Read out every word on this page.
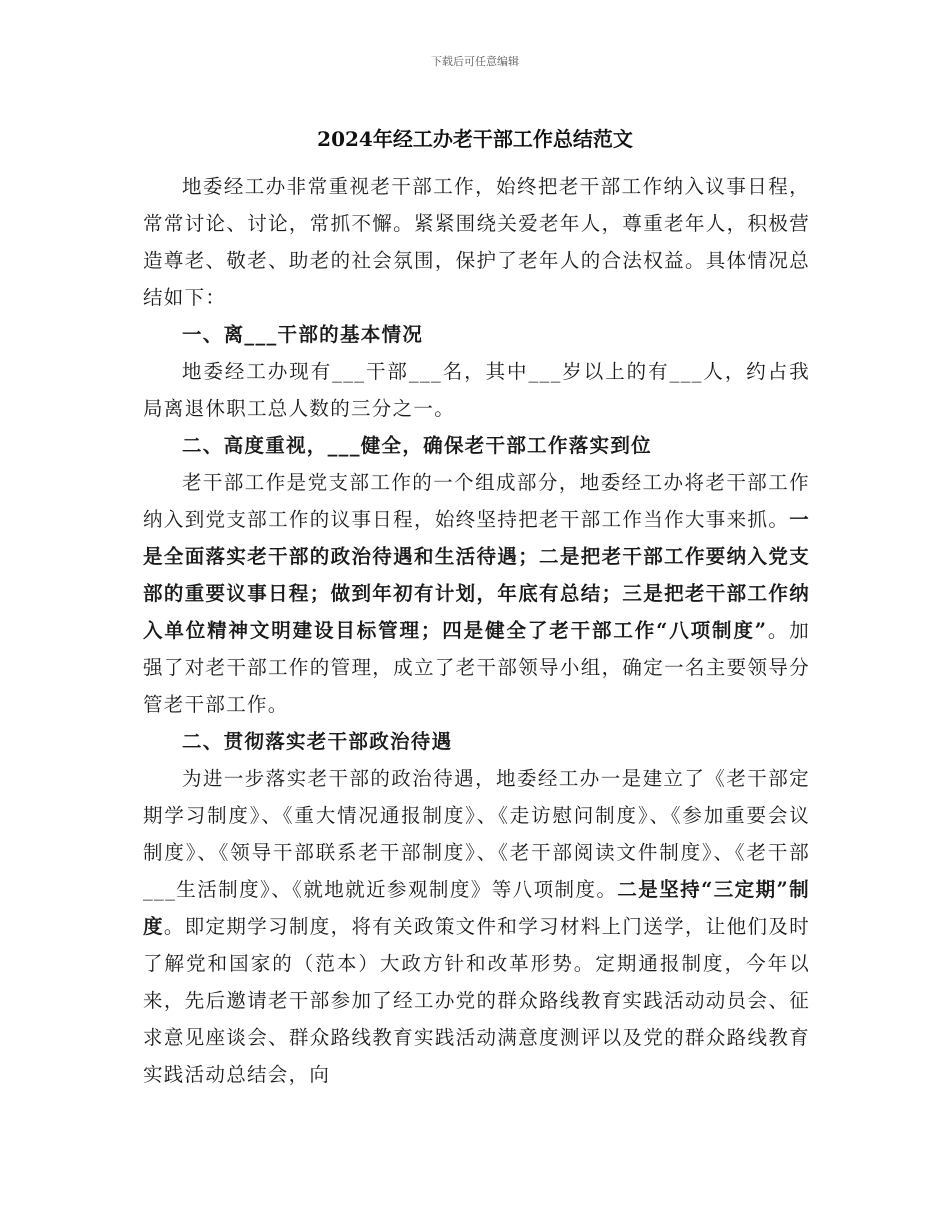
下载后可任意编辑
2024年经工办老干部工作总结范文

地委经工办非常重视老干部工作，始终把老干部工作纳入议事日程，常常讨论、讨论，常抓不懈。紧紧围绕关爱老年人，尊重老年人，积极营造尊老、敬老、助老的社会氛围，保护了老年人的合法权益。具体情况总结如下：

一、离___干部的基本情况

地委经工办现有___干部___名，其中___岁以上的有___人，约占我局离退休职工总人数的三分之一。

二、高度重视，___健全，确保老干部工作落实到位

老干部工作是党支部工作的一个组成部分，地委经工办将老干部工作纳入到党支部工作的议事日程，始终坚持把老干部工作当作大事来抓。一是全面落实老干部的政治待遇和生活待遇；二是把老干部工作要纳入党支部的重要议事日程；做到年初有计划，年底有总结；三是把老干部工作纳入单位精神文明建设目标管理；四是健全了老干部工作“八项制度”。加强了对老干部工作的管理，成立了老干部领导小组，确定一名主要领导分管老干部工作。

二、贯彻落实老干部政治待遇

为进一步落实老干部的政治待遇，地委经工办一是建立了《老干部定期学习制度》、《重大情况通报制度》、《走访慰问制度》、《参加重要会议制度》、《领导干部联系老干部制度》、《老干部阅读文件制度》、《老干部___生活制度》、《就地就近参观制度》等八项制度。二是坚持“三定期”制度。即定期学习制度，将有关政策文件和学习材料上门送学，让他们及时了解党和国家的（范本）大政方针和改革形势。定期通报制度，今年以来，先后邀请老干部参加了经工办党的群众路线教育实践活动动员会、征求意见座谈会、群众路线教育实践活动满意度测评以及党的群众路线教育实践活动总结会，向
